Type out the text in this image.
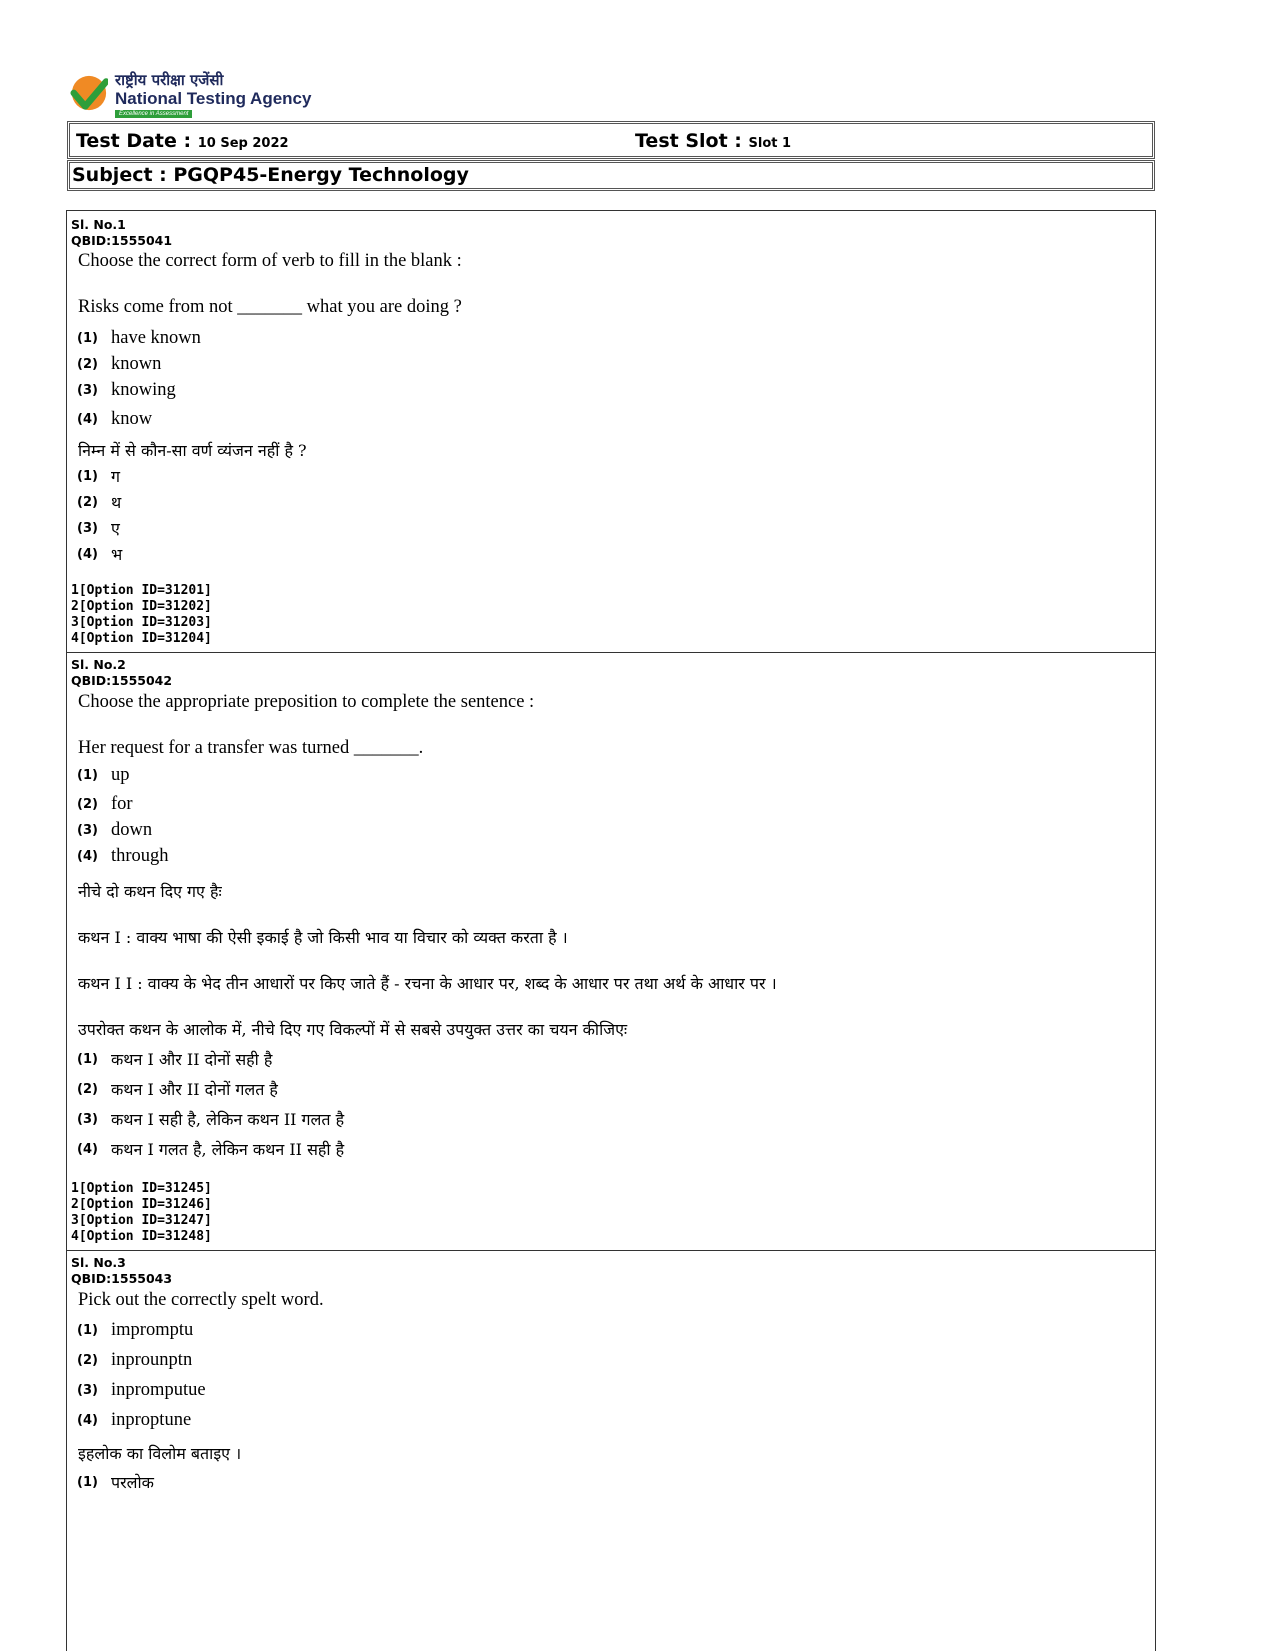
राष्ट्रीय परीक्षा एजेंसी
National Testing Agency
Excellence in Assessment
Test Date : 10 Sep 2022	Test Slot : Slot 1
Subject : PGQP45-Energy Technology
Sl. No.1
QBID:1555041
Choose the correct form of verb to fill in the blank :
Risks come from not _______ what you are doing ?
(1) have known
(2) known
(3) knowing
(4) know
निम्न में से कौन-सा वर्ण व्यंजन नहीं है ?
(1) ग
(2) थ
(3) ए
(4) भ
1[Option ID=31201]
2[Option ID=31202]
3[Option ID=31203]
4[Option ID=31204]
Sl. No.2
QBID:1555042
Choose the appropriate preposition to complete the sentence :
Her request for a transfer was turned _______.
(1) up
(2) for
(3) down
(4) through
नीचे दो कथन दिए गए हैः
कथन I : वाक्य भाषा की ऐसी इकाई है जो किसी भाव या विचार को व्यक्त करता है ।
कथन I I : वाक्य के भेद तीन आधारों पर किए जाते हैं - रचना के आधार पर, शब्द के आधार पर तथा अर्थ के आधार पर ।
उपरोक्त कथन के आलोक में, नीचे दिए गए विकल्पों में से सबसे उपयुक्त उत्तर का चयन कीजिएः
(1) कथन I और II दोनों सही है
(2) कथन I और II दोनों गलत है
(3) कथन I सही है, लेकिन कथन II गलत है
(4) कथन I गलत है, लेकिन कथन II सही है
1[Option ID=31245]
2[Option ID=31246]
3[Option ID=31247]
4[Option ID=31248]
Sl. No.3
QBID:1555043
Pick out the correctly spelt word.
(1) impromptu
(2) inprounptn
(3) inpromputue
(4) inproptune
इहलोक का विलोम बताइए ।
(1) परलोक
